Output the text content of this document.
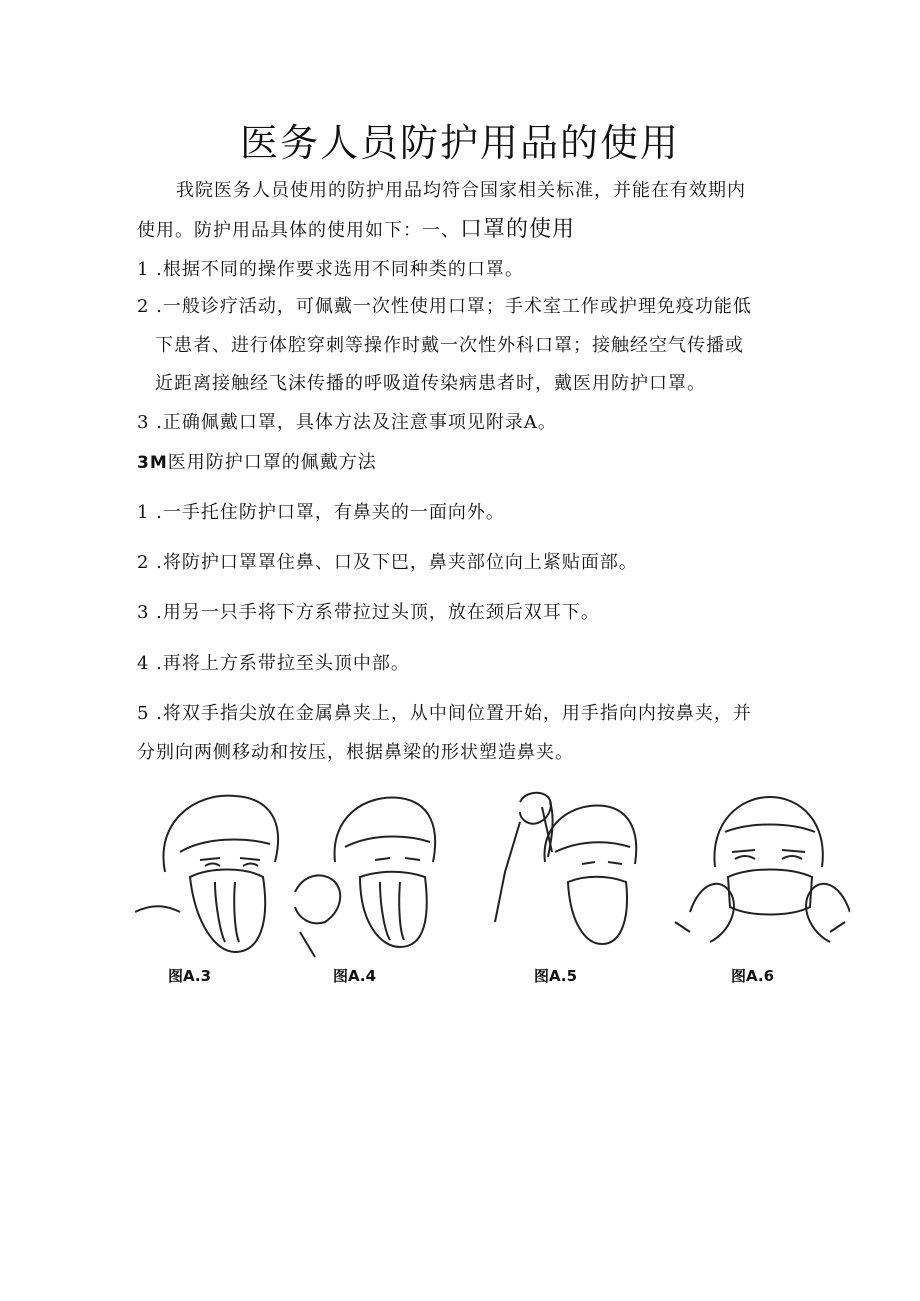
医务人员防护用品的使用
我院医务人员使用的防护用品均符合国家相关标准，并能在有效期内
使用。防护用品具体的使用如下：一、口罩的使用
1 .根据不同的操作要求选用不同种类的口罩。
2 .一般诊疗活动，可佩戴一次性使用口罩；手术室工作或护理免疫功能低
下患者、进行体腔穿刺等操作时戴一次性外科口罩；接触经空气传播或
近距离接触经飞沫传播的呼吸道传染病患者时，戴医用防护口罩。
3 .正确佩戴口罩，具体方法及注意事项见附录A。
3M医用防护口罩的佩戴方法
1 .一手托住防护口罩，有鼻夹的一面向外。
2 .将防护口罩罩住鼻、口及下巴，鼻夹部位向上紧贴面部。
3 .用另一只手将下方系带拉过头顶，放在颈后双耳下。
4 .再将上方系带拉至头顶中部。
5 .将双手指尖放在金属鼻夹上，从中间位置开始，用手指向内按鼻夹，并
分别向两侧移动和按压，根据鼻梁的形状塑造鼻夹。
图A.3	图A.4	图A.5	图A.6
